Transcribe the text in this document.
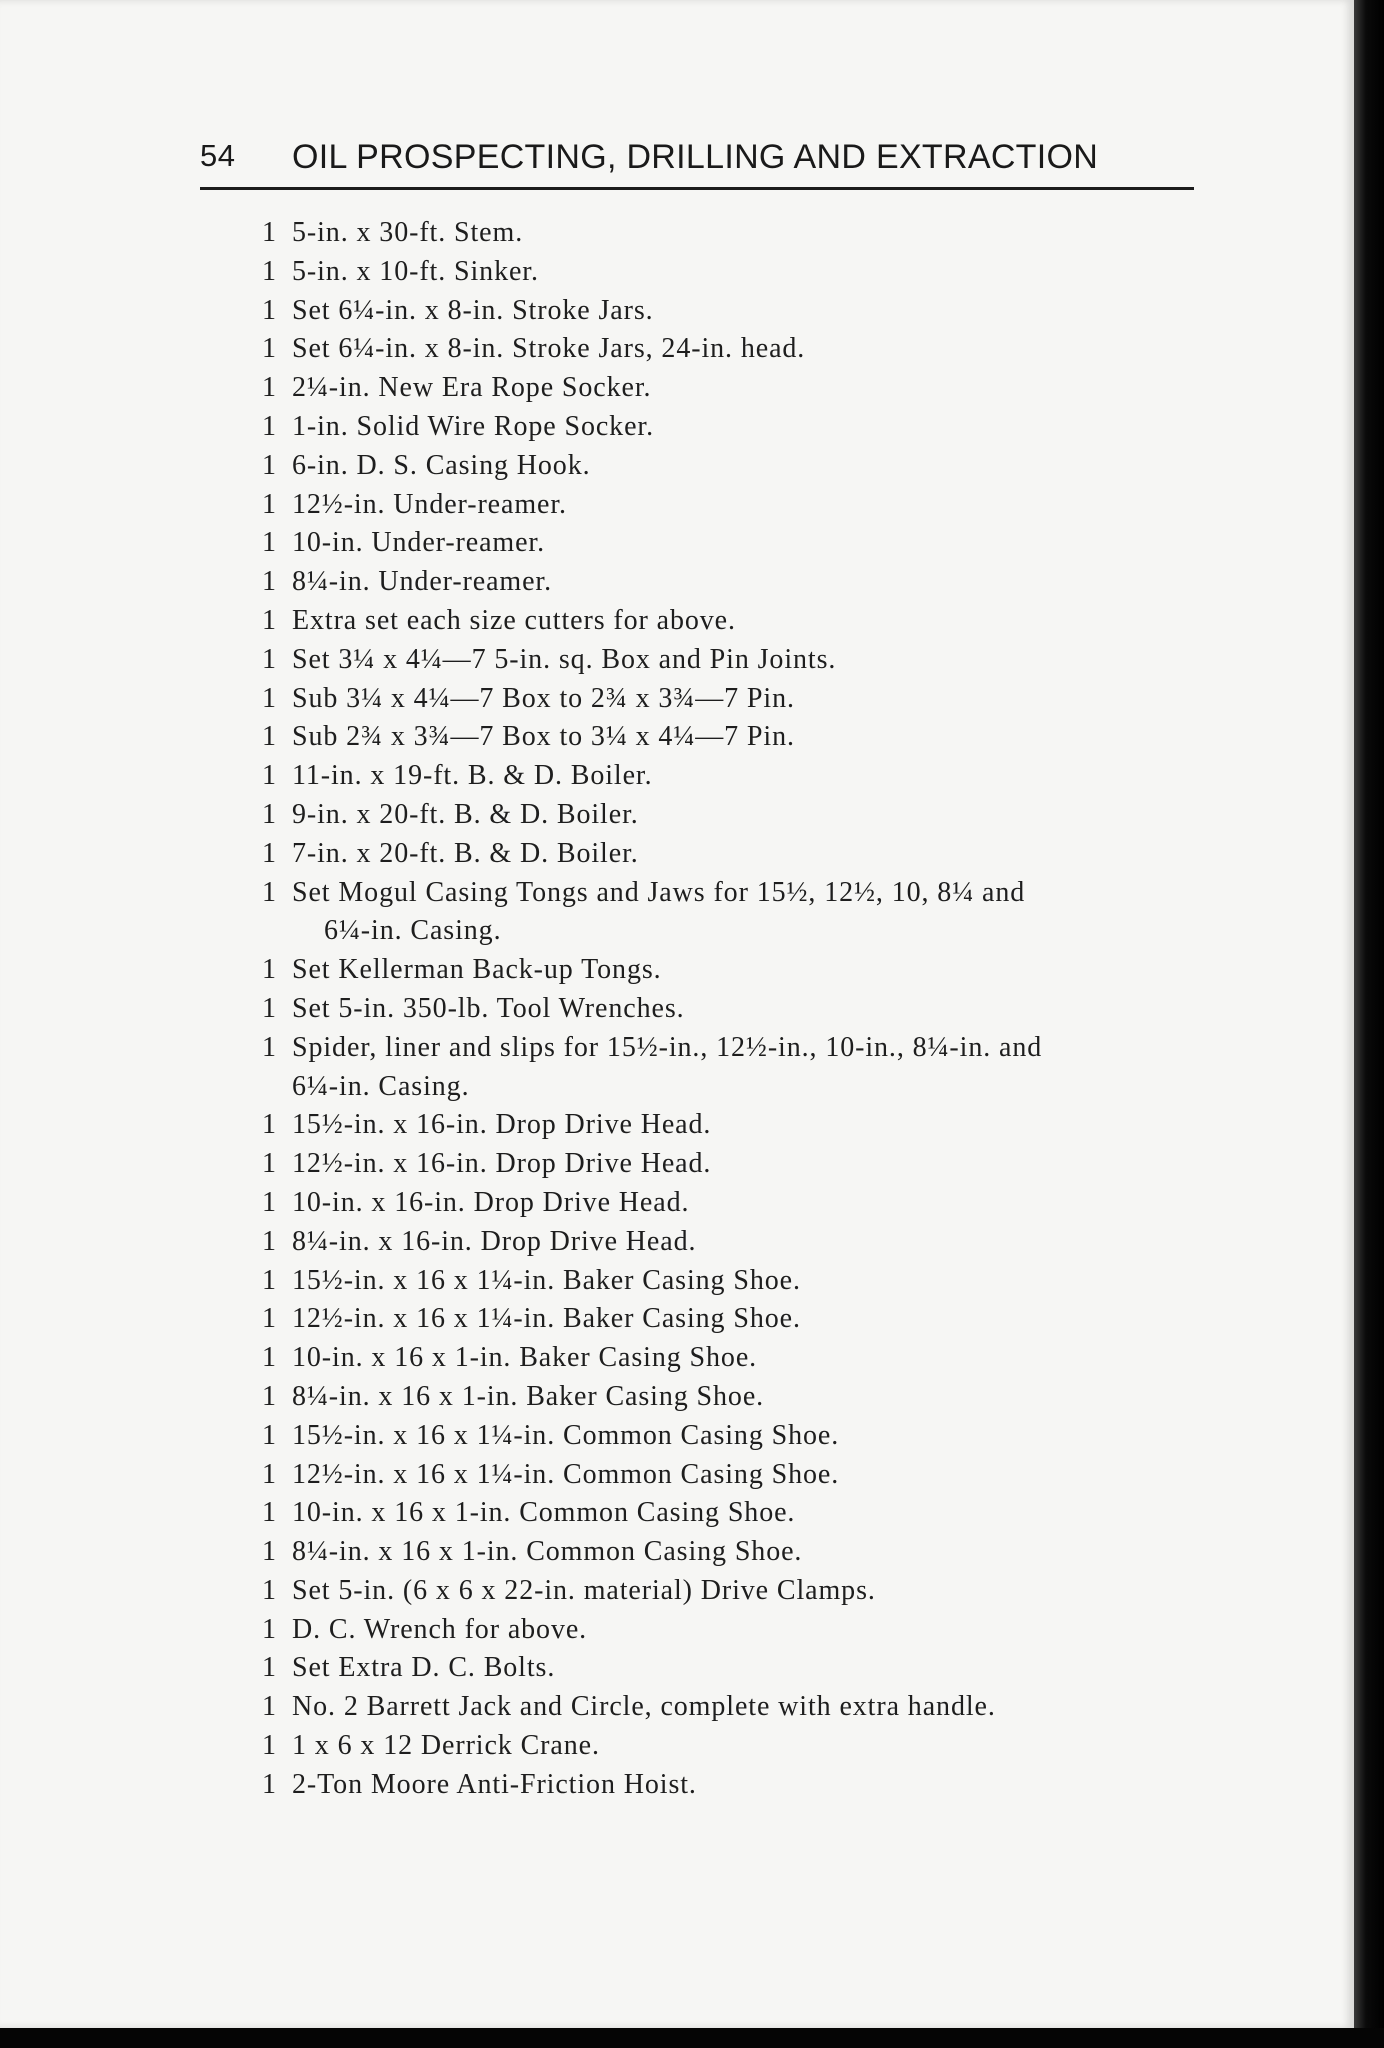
54 OIL PROSPECTING, DRILLING AND EXTRACTION
1 5-in. x 30-ft. Stem.
1 5-in. x 10-ft. Sinker.
1 Set 6¼-in. x 8-in. Stroke Jars.
1 Set 6¼-in. x 8-in. Stroke Jars, 24-in. head.
1 2¼-in. New Era Rope Socker.
1 1-in. Solid Wire Rope Socker.
1 6-in. D. S. Casing Hook.
1 12½-in. Under-reamer.
1 10-in. Under-reamer.
1 8¼-in. Under-reamer.
1 Extra set each size cutters for above.
1 Set 3¼ x 4¼—7 5-in. sq. Box and Pin Joints.
1 Sub 3¼ x 4¼—7 Box to 2¾ x 3¾—7 Pin.
1 Sub 2¾ x 3¾—7 Box to 3¼ x 4¼—7 Pin.
1 11-in. x 19-ft. B. & D. Boiler.
1 9-in. x 20-ft. B. & D. Boiler.
1 7-in. x 20-ft. B. & D. Boiler.
1 Set Mogul Casing Tongs and Jaws for 15½, 12½, 10, 8¼ and
6¼-in. Casing.
1 Set Kellerman Back-up Tongs.
1 Set 5-in. 350-lb. Tool Wrenches.
1 Spider, liner and slips for 15½-in., 12½-in., 10-in., 8¼-in. and
6¼-in. Casing.
1 15½-in. x 16-in. Drop Drive Head.
1 12½-in. x 16-in. Drop Drive Head.
1 10-in. x 16-in. Drop Drive Head.
1 8¼-in. x 16-in. Drop Drive Head.
1 15½-in. x 16 x 1¼-in. Baker Casing Shoe.
1 12½-in. x 16 x 1¼-in. Baker Casing Shoe.
1 10-in. x 16 x 1-in. Baker Casing Shoe.
1 8¼-in. x 16 x 1-in. Baker Casing Shoe.
1 15½-in. x 16 x 1¼-in. Common Casing Shoe.
1 12½-in. x 16 x 1¼-in. Common Casing Shoe.
1 10-in. x 16 x 1-in. Common Casing Shoe.
1 8¼-in. x 16 x 1-in. Common Casing Shoe.
1 Set 5-in. (6 x 6 x 22-in. material) Drive Clamps.
1 D. C. Wrench for above.
1 Set Extra D. C. Bolts.
1 No. 2 Barrett Jack and Circle, complete with extra handle.
1 1 x 6 x 12 Derrick Crane.
1 2-Ton Moore Anti-Friction Hoist.
